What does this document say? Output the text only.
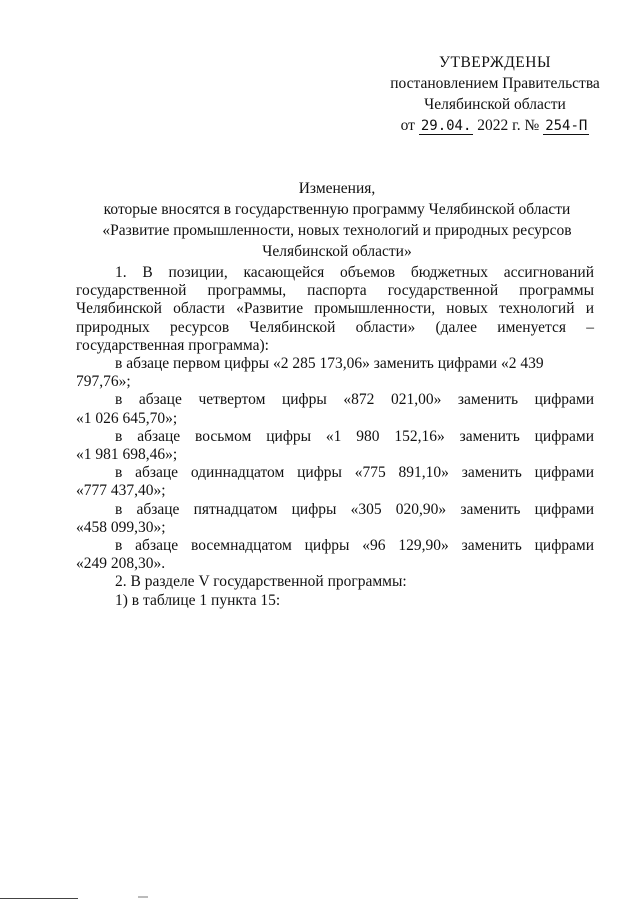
УТВЕРЖДЕНЫ
постановлением Правительства
Челябинской области
от 29.04. 2022 г. № 254-П
Изменения,
которые вносятся в государственную программу Челябинской области
«Развитие промышленности, новых технологий и природных ресурсов
Челябинской области»

1. В позиции, касающейся объемов бюджетных ассигнований

государственной программы, паспорта государственной программы

Челябинской области «Развитие промышленности, новых технологий и

природных ресурсов Челябинской области» (далее именуется –

государственная программа):

в абзаце первом цифры «2 285 173,06» заменить цифрами «2 439 797,76»;

в абзаце четвертом цифры «872 021,00» заменить цифрами

«1 026 645,70»;

в абзаце восьмом цифры «1 980 152,16» заменить цифрами

«1 981 698,46»;

в абзаце одиннадцатом цифры «775 891,10» заменить цифрами

«777 437,40»;

в абзаце пятнадцатом цифры «305 020,90» заменить цифрами

«458 099,30»;

в абзаце восемнадцатом цифры «96 129,90» заменить цифрами

«249 208,30».

2. В разделе V государственной программы:

1) в таблице 1 пункта 15:
